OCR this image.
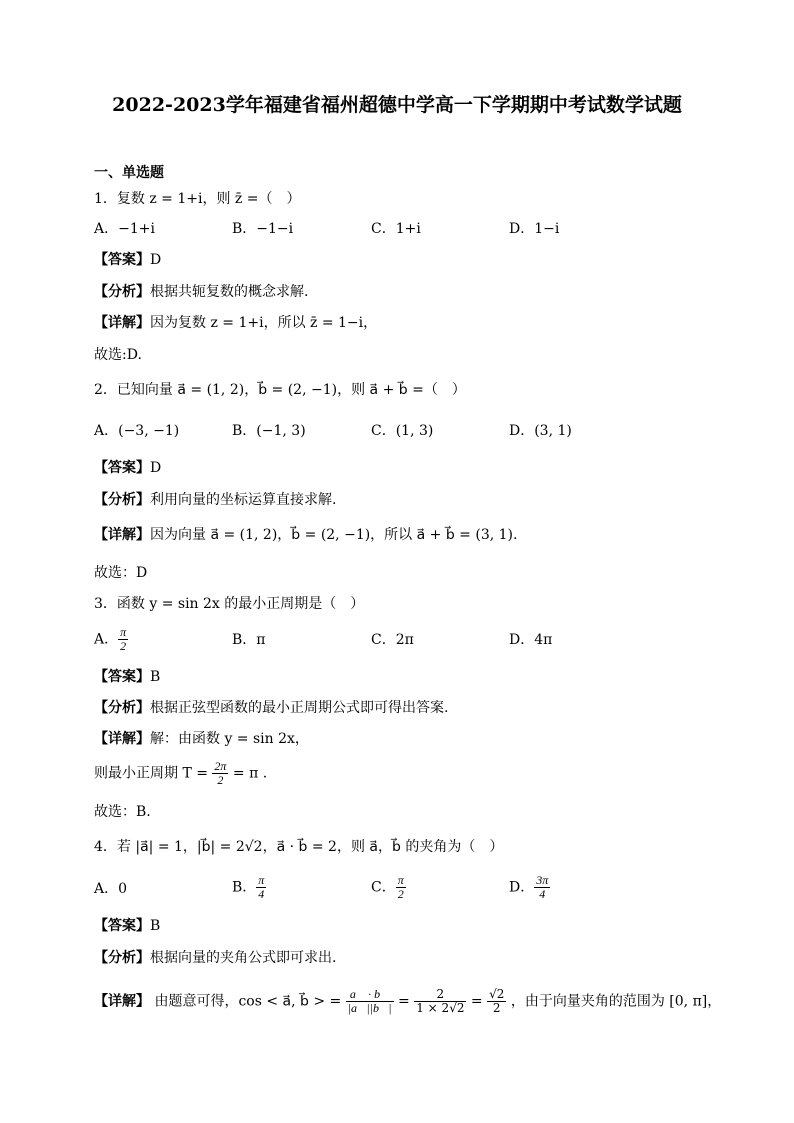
2022-2023学年福建省福州超德中学高一下学期期中考试数学试题
一、单选题
1．复数 z = 1+i，则 z̄ =（　）
A．−1+i	B．−1−i	C．1+i	D．1−i
【答案】D
【分析】根据共轭复数的概念求解.
【详解】因为复数 z = 1+i，所以 z̄ = 1−i，
故选:D.
2．已知向量 a⃗ = (1, 2)，b⃗ = (2, −1)，则 a⃗ + b⃗ =（　）
A．(−3, −1)	B．(−1, 3)	C．(1, 3)	D．(3, 1)
【答案】D
【分析】利用向量的坐标运算直接求解.
【详解】因为向量 a⃗ = (1, 2)，b⃗ = (2, −1)，所以 a⃗ + b⃗ = (3, 1).
故选：D
3．函数 y = sin 2x 的最小正周期是（　）
A． $\frac{\pi}{2}$	B．π	C．2π	D．4π
【答案】B
【分析】根据正弦型函数的最小正周期公式即可得出答案.
【详解】解：由函数 y = sin 2x，
则最小正周期 $T = \frac{2\pi}{2} = \pi$ .
故选：B.
4．若 |a⃗| = 1，|b⃗| = 2√2，a⃗ · b⃗ = 2，则 a⃗，b⃗ 的夹角为（　）
A．0	B． $\frac{\pi}{4}$	C． $\frac{\pi}{2}$	D． $\frac{3\pi}{4}$
【答案】B
【分析】根据向量的夹角公式即可求出.
【详解】 由题意可得，cos < a⃗, b⃗ > = $\frac{a⃗ \cdot b⃗}{|a⃗||b⃗|} = \frac{2}{1 \times 2√2} = \frac{√2}{2}$ ，由于向量夹角的范围为 [0, π]，
